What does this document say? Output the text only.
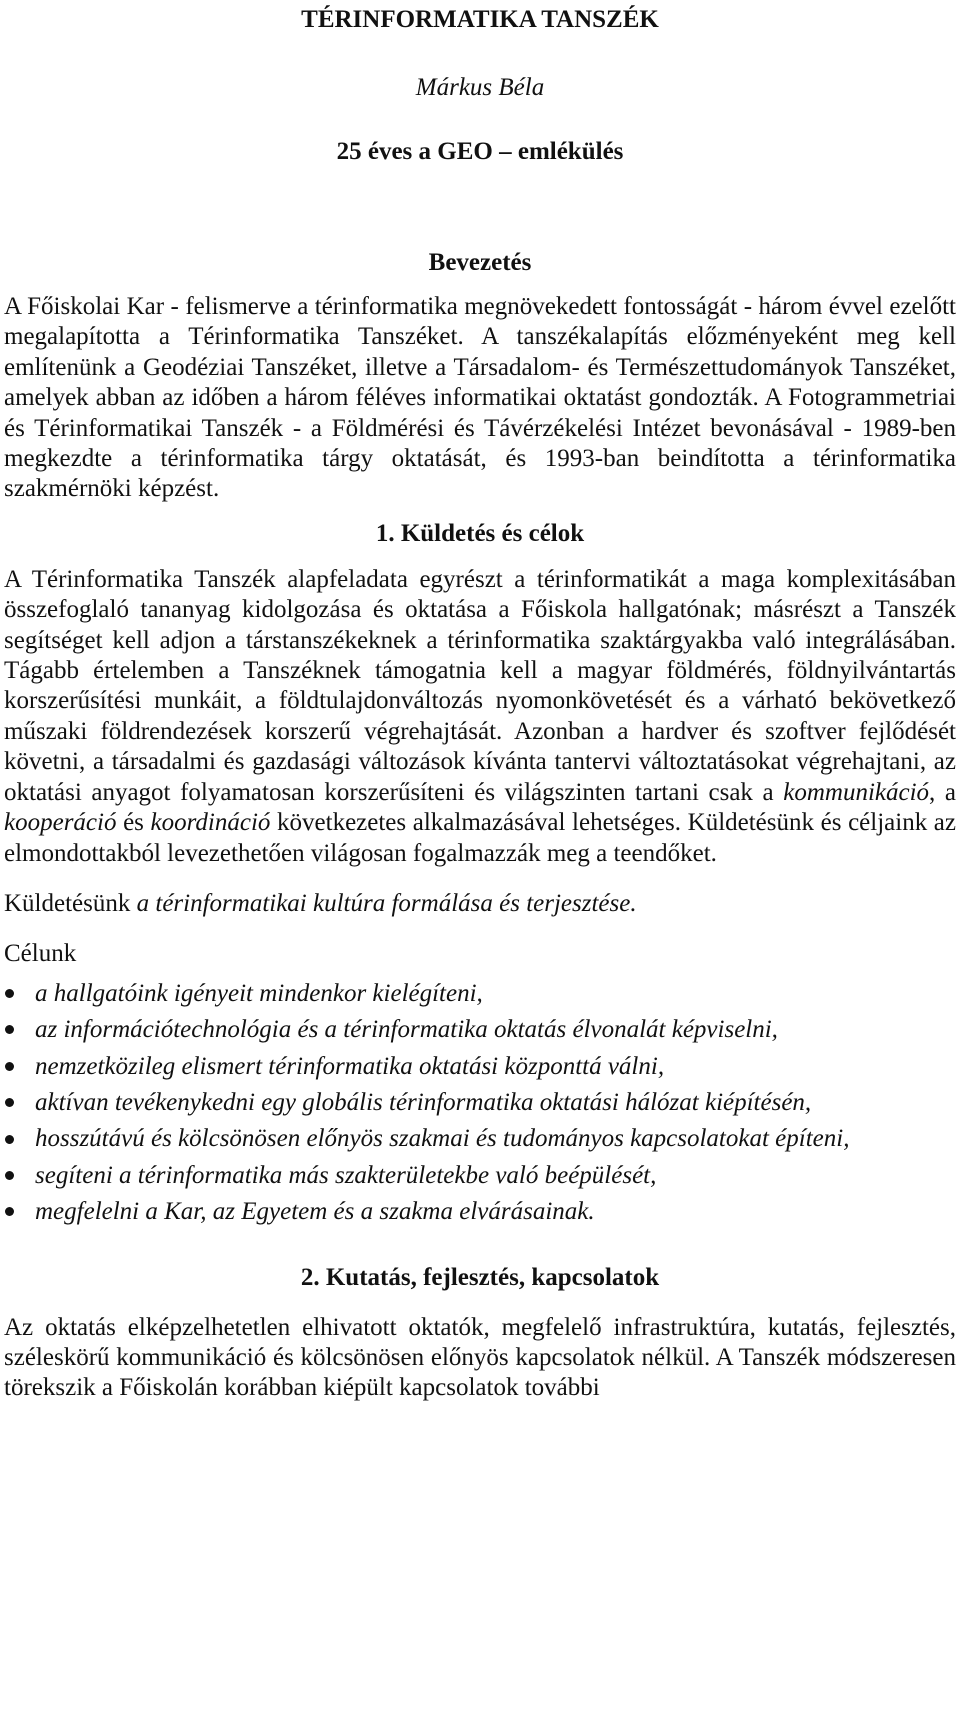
TÉRINFORMATIKA TANSZÉK

Márkus Béla

25 éves a GEO – emlékülés

Bevezetés

A Főiskolai Kar - felismerve a térinformatika megnövekedett fontosságát - három évvel ezelőtt megalapította a Térinformatika Tanszéket. A tanszékalapítás előzményeként meg kell említenünk a Geodéziai Tanszéket, illetve a Társadalom- és Természettudományok Tanszéket, amelyek abban az időben a három féléves informatikai oktatást gondozták. A Fotogrammetriai és Térinformatikai Tanszék - a Földmérési és Távérzékelési Intézet bevonásával - 1989-ben megkezdte a térinformatika tárgy oktatását, és 1993-ban beindította a térinformatika szakmérnöki képzést.

1. Küldetés és célok

A Térinformatika Tanszék alapfeladata egyrészt a térinformatikát a maga komplexitásában összefoglaló tananyag kidolgozása és oktatása a Főiskola hallgatónak; másrészt a Tanszék segítséget kell adjon a társtanszékeknek a térinformatika szaktárgyakba való integrálásában. Tágabb értelemben a Tanszéknek támogatnia kell a magyar földmérés, földnyilvántartás korszerűsítési munkáit, a földtulajdonváltozás nyomonkövetését és a várható bekövetkező műszaki földrendezések korszerű végrehajtását. Azonban a hardver és szoftver fejlődését követni, a társadalmi és gazdasági változások kívánta tantervi változtatásokat végrehajtani, az oktatási anyagot folyamatosan korszerűsíteni és világszinten tartani csak a kommunikáció, a kooperáció és koordináció következetes alkalmazásával lehetséges. Küldetésünk és céljaink az elmondottakból levezethetően világosan fogalmazzák meg a teendőket.

Küldetésünk a térinformatikai kultúra formálása és terjesztése.

Célunk

a hallgatóink igényeit mindenkor kielégíteni,
az információtechnológia és a térinformatika oktatás élvonalát képviselni,
nemzetközileg elismert térinformatika oktatási központtá válni,
aktívan tevékenykedni egy globális térinformatika oktatási hálózat kiépítésén,
hosszútávú és kölcsönösen előnyös szakmai és tudományos kapcsolatokat építeni,
segíteni a térinformatika más szakterületekbe való beépülését,
megfelelni a Kar, az Egyetem és a szakma elvárásainak.
2. Kutatás, fejlesztés, kapcsolatok

Az oktatás elképzelhetetlen elhivatott oktatók, megfelelő infrastruktúra, kutatás, fejlesztés, széleskörű kommunikáció és kölcsönösen előnyös kapcsolatok nélkül. A Tanszék módszeresen törekszik a Főiskolán korábban kiépült kapcsolatok további
